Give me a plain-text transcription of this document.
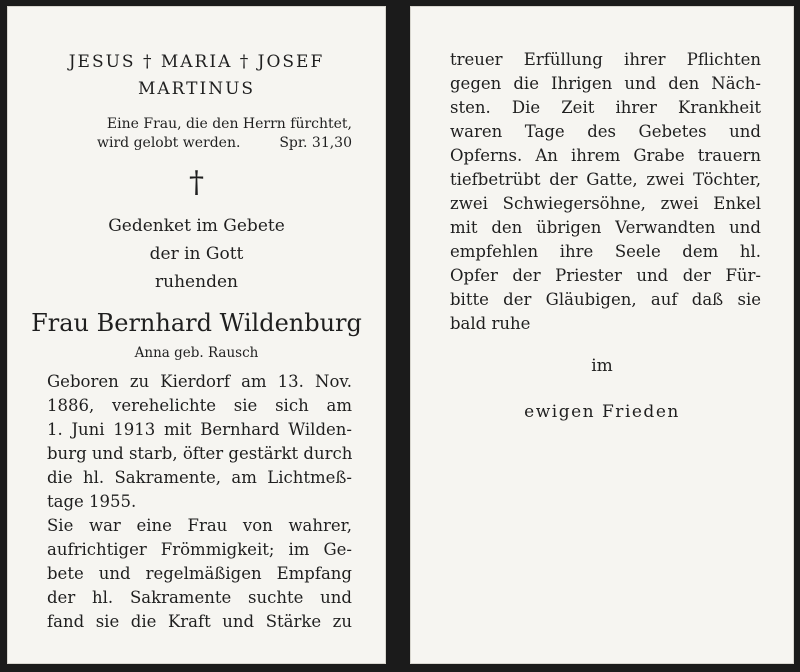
JESUS † MARIA † JOSEF
MARTINUS
Eine Frau, die den Herrn fürchtet,
wird gelobt werden.	Spr. 31,30
†
Gedenket im Gebete
der in Gott
ruhenden
Frau Bernhard Wildenburg
Anna geb. Rausch
Geboren zu Kierdorf am 13. Nov.
1886, verehelichte sie sich am
1. Juni 1913 mit Bernhard Wilden-
burg und starb, öfter gestärkt durch
die hl. Sakramente, am Lichtmeß-
tage 1955.
Sie war eine Frau von wahrer,
aufrichtiger Frömmigkeit; im Ge-
bete und regelmäßigen Empfang
der hl. Sakramente suchte und
fand sie die Kraft und Stärke zu
treuer Erfüllung ihrer Pflichten
gegen die Ihrigen und den Näch-
sten. Die Zeit ihrer Krankheit
waren Tage des Gebetes und
Opferns. An ihrem Grabe trauern
tiefbetrübt der Gatte, zwei Töchter,
zwei Schwiegersöhne, zwei Enkel
mit den übrigen Verwandten und
empfehlen ihre Seele dem hl.
Opfer der Priester und der Für-
bitte der Gläubigen, auf daß sie
bald ruhe
im
ewigen Frieden
